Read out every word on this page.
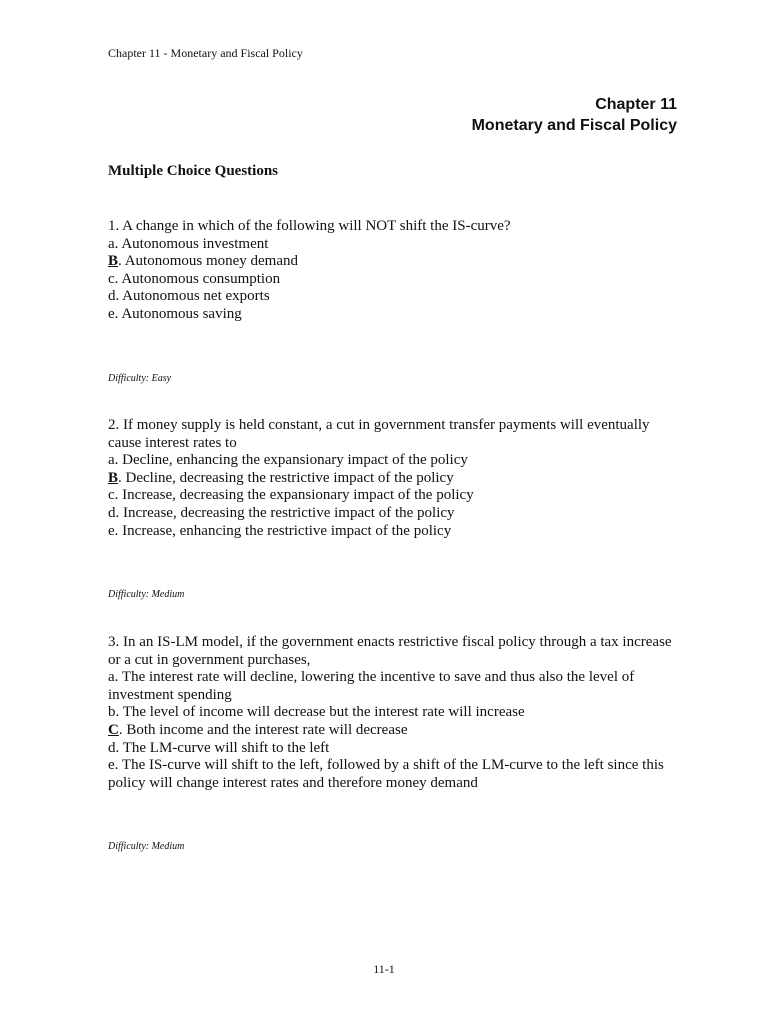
Chapter 11 - Monetary and Fiscal Policy
Chapter 11
Monetary and Fiscal Policy
Multiple Choice Questions
1. A change in which of the following will NOT shift the IS-curve?
a. Autonomous investment
B. Autonomous money demand
c. Autonomous consumption
d. Autonomous net exports
e. Autonomous saving
Difficulty: Easy
2. If money supply is held constant, a cut in government transfer payments will eventually cause interest rates to
a. Decline, enhancing the expansionary impact of the policy
B. Decline, decreasing the restrictive impact of the policy
c. Increase, decreasing the expansionary impact of the policy
d. Increase, decreasing the restrictive impact of the policy
e. Increase, enhancing the restrictive impact of the policy
Difficulty: Medium
3. In an IS-LM model, if the government enacts restrictive fiscal policy through a tax increase or a cut in government purchases,
a. The interest rate will decline, lowering the incentive to save and thus also the level of investment spending
b. The level of income will decrease but the interest rate will increase
C. Both income and the interest rate will decrease
d. The LM-curve will shift to the left
e. The IS-curve will shift to the left, followed by a shift of the LM-curve to the left since this policy will change interest rates and therefore money demand
Difficulty: Medium
11-1
